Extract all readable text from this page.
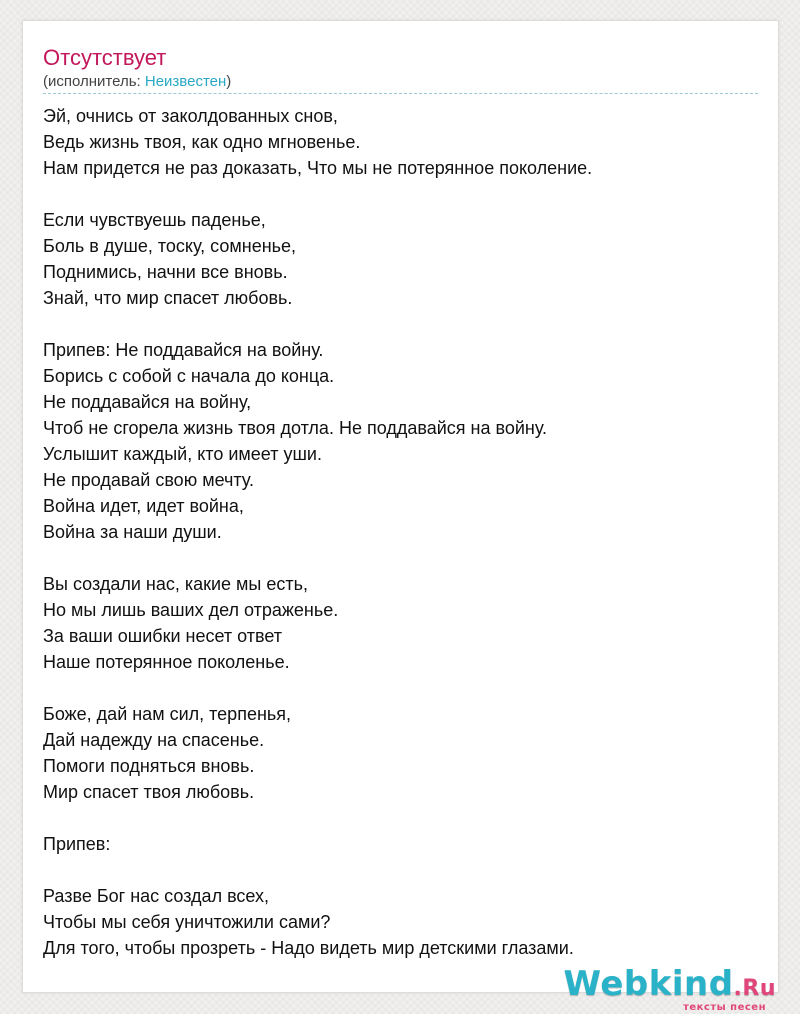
Отсутствует
(исполнитель: Неизвестен)
Эй, очнись от заколдованных снов,
Ведь жизнь твоя, как одно мгновенье.
Нам придется не раз доказать, Что мы не потерянное поколение.
Если чувствуешь паденье,
Боль в душе, тоску, сомненье,
Поднимись, начни все вновь.
Знай, что мир спасет любовь.
Припев: Не поддавайся на войну.
Борись с собой с начала до конца.
Не поддавайся на войну,
Чтоб не сгорела жизнь твоя дотла. Не поддавайся на войну.
Услышит каждый, кто имеет уши.
Не продавай свою мечту.
Война идет, идет война,
Война за наши души.
Вы создали нас, какие мы есть,
Но мы лишь ваших дел отраженье.
За ваши ошибки несет ответ
Наше потерянное поколенье.
Боже, дай нам сил, терпенья,
Дай надежду на спасенье.
Помоги подняться вновь.
Мир спасет твоя любовь.
Припев:
Разве Бог нас создал всех,
Чтобы мы себя уничтожили сами?
Для того, чтобы прозреть - Надо видеть мир детскими глазами.
Webkind.Ru
тексты песен
